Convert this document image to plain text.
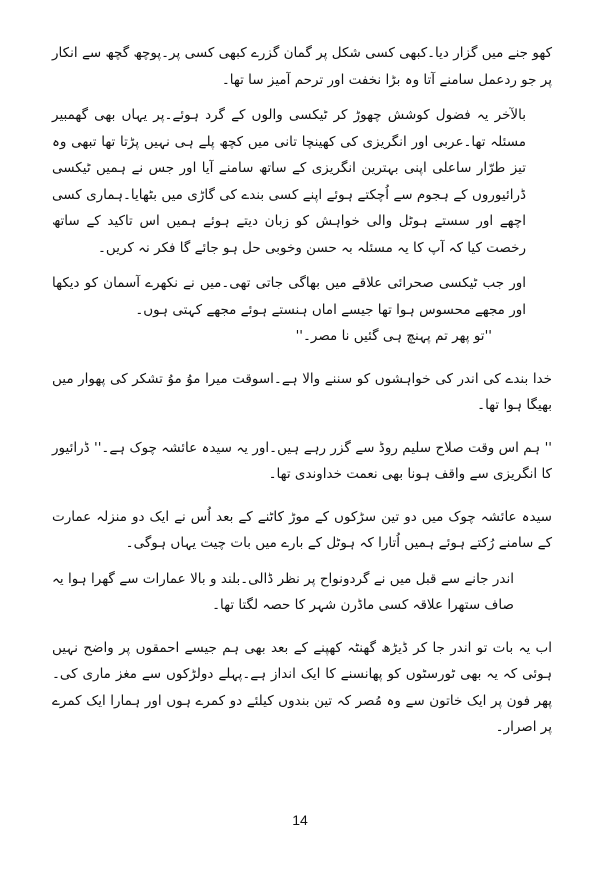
کھو جنے میں گزار دیا۔کبھی کسی شکل پر گمان گزرے کبھی کسی پر۔پوچھ گچھ سے انکار پر جو ردعمل سامنے آتا وہ بڑا نخفت اور ترحم آمیز سا تھا۔

بالآخر یہ فضول کوشش چھوڑ کر ٹیکسی والوں کے گرد ہوئے۔پر یہاں بھی گھمبیر مسئلہ تھا۔عربی اور انگریزی کی کھینچا تانی میں کچھ پلے ہی نہیں پڑتا تھا تبھی وہ تیز طرّار ساعلی اپنی بہترین انگریزی کے ساتھ سامنے آیا اور جس نے ہمیں ٹیکسی ڈرائیوروں کے ہجوم سے اُچکتے ہوئے اپنے کسی بندے کی گاڑی میں بٹھایا۔ہماری کسی اچھے اور سستے ہوٹل والی خواہش کو زبان دیتے ہوئے ہمیں اس تاکید کے ساتھ رخصت کیا کہ آپ کا یہ مسئلہ بہ حسن وخوبی حل ہو جائے گا فکر نہ کریں۔

اور جب ٹیکسی صحرائی علاقے میں بھاگی جاتی تھی۔میں نے نکھرے آسمان کو دیکھا اور مجھے محسوس ہوا تھا جیسے اماں ہنستے ہوئے مجھے کہتی ہوں۔

''تو پھر تم پہنچ ہی گئیں نا مصر۔''

خدا بندے کی اندر کی خواہشوں کو سننے والا ہے۔اسوقت میرا موُ موُ تشکر کی پھوار میں بھیگا ہوا تھا۔

'' ہم اس وقت صلاح سلیم روڈ سے گزر رہے ہیں۔اور یہ سیدہ عائشہ چوک ہے۔'' ڈرائیور کا انگریزی سے واقف ہونا بھی نعمت خداوندی تھا۔

سیدہ عائشہ چوک میں دو تین سڑکوں کے موڑ کاٹنے کے بعد اُس نے ایک دو منزلہ عمارت کے سامنے رُکتے ہوئے ہمیں اُتارا کہ ہوٹل کے بارے میں بات چیت یہاں ہوگی۔

اندر جانے سے قبل میں نے گردونواح پر نظر ڈالی۔بلند و بالا عمارات سے گھرا ہوا یہ صاف ستھرا علاقہ کسی ماڈرن شہر کا حصہ لگتا تھا۔

اب یہ بات تو اندر جا کر ڈیڑھ گھنٹہ کھپنے کے بعد بھی ہم جیسے احمقوں پر واضح نہیں ہوئی کہ یہ بھی ٹورسٹوں کو پھانسنے کا ایک انداز ہے۔پہلے دولڑکوں سے مغز ماری کی۔پھر فون پر ایک خاتون سے وہ مُصر کہ تین بندوں کیلئے دو کمرے ہوں اور ہمارا ایک کمرے پر اصرار۔

14
